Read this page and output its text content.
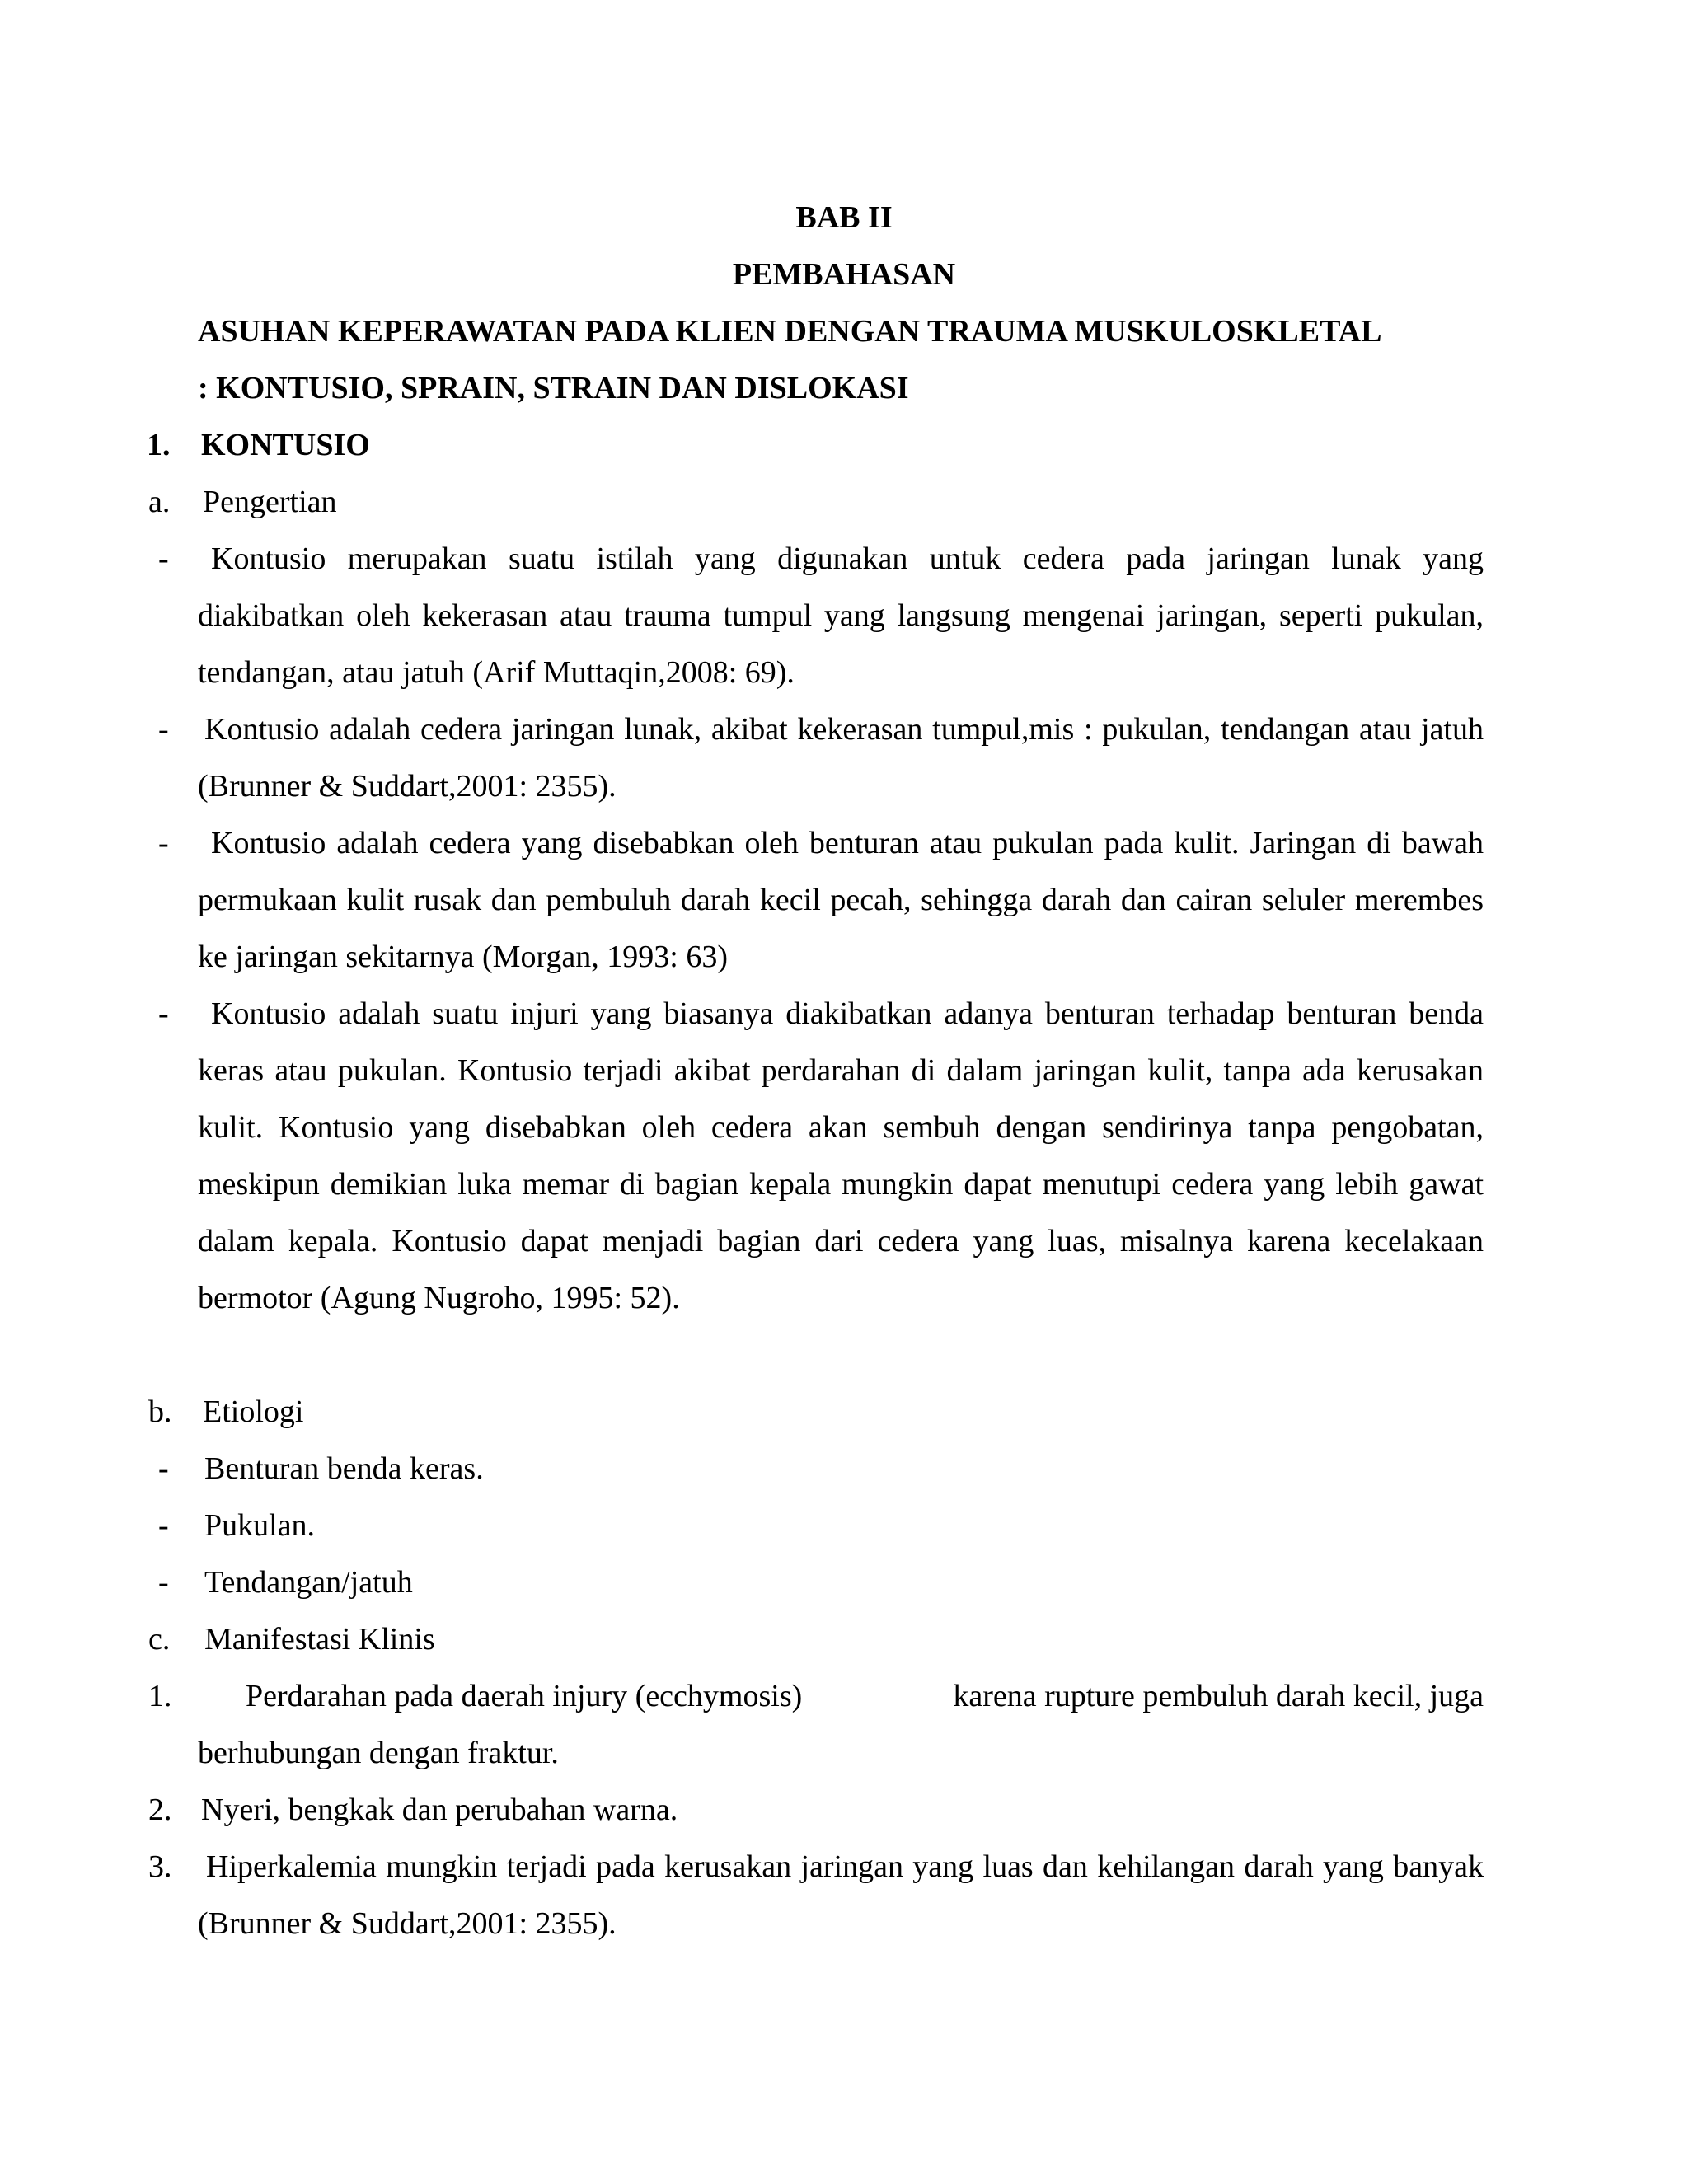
BAB II
PEMBAHASAN
ASUHAN KEPERAWATAN PADA KLIEN DENGAN TRAUMA MUSKULOSKLETAL
: KONTUSIO, SPRAIN, STRAIN DAN DISLOKASI
1. KONTUSIO
a. Pengertian
-	Kontusio merupakan suatu istilah yang digunakan untuk cedera pada jaringan lunak yang diakibatkan oleh kekerasan atau trauma tumpul yang langsung mengenai jaringan, seperti pukulan, tendangan, atau jatuh (Arif Muttaqin,2008: 69).
- Kontusio adalah cedera jaringan lunak, akibat kekerasan tumpul,mis : pukulan, tendangan atau jatuh (Brunner & Suddart,2001: 2355).
-	Kontusio adalah cedera yang disebabkan oleh benturan atau pukulan pada kulit. Jaringan di bawah permukaan kulit rusak dan pembuluh darah kecil pecah, sehingga darah dan cairan seluler merembes ke jaringan sekitarnya (Morgan, 1993: 63)
-	Kontusio adalah suatu injuri yang biasanya diakibatkan adanya benturan terhadap benturan benda keras atau pukulan. Kontusio terjadi akibat perdarahan di dalam jaringan kulit, tanpa ada kerusakan kulit. Kontusio yang disebabkan oleh cedera akan sembuh dengan sendirinya tanpa pengobatan, meskipun demikian luka memar di bagian kepala mungkin dapat menutupi cedera yang lebih gawat dalam kepala. Kontusio dapat menjadi bagian dari cedera yang luas, misalnya karena kecelakaan bermotor (Agung Nugroho, 1995: 52).
b. Etiologi
- Benturan benda keras.
- Pukulan.
- Tendangan/jatuh
c. Manifestasi Klinis
1. Perdarahan pada daerah injury (ecchymosis)	karena rupture pembuluh darah kecil, juga
berhubungan dengan fraktur.
2. Nyeri, bengkak dan perubahan warna.
3. Hiperkalemia mungkin terjadi pada kerusakan jaringan yang luas dan kehilangan darah yang banyak (Brunner & Suddart,2001: 2355).
